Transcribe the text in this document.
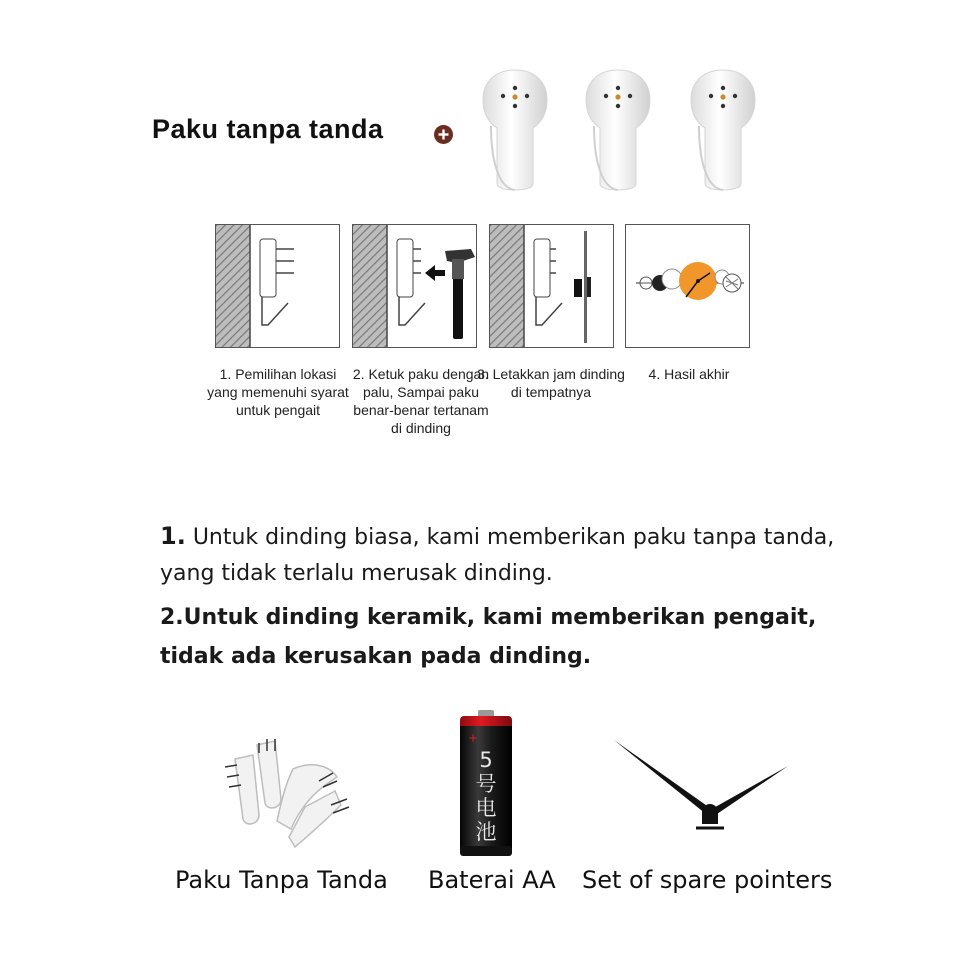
Paku tanpa tanda
1. Pemilihan lokasi yang memenuhi syarat untuk pengait
2. Ketuk paku dengan palu, Sampai paku benar-benar tertanam di dinding
3. Letakkan jam dinding di tempatnya
4. Hasil akhir
1. Untuk dinding biasa, kami memberikan paku tanpa tanda,
yang tidak terlalu merusak dinding.
2.Untuk dinding keramik, kami memberikan pengait,
tidak ada kerusakan pada dinding.
+
5号电池
Paku Tanpa Tanda Baterai AA Set of spare pointers
